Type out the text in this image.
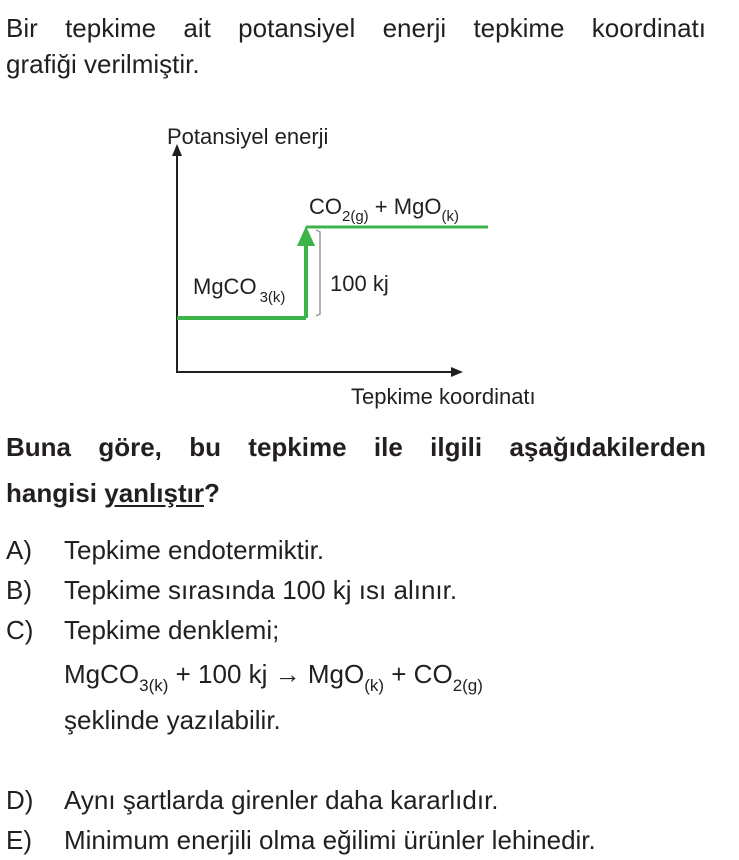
Bir tepkime ait potansiyel enerji tepkime koordinatı
grafiği verilmiştir.
Potansiyel enerji
Tepkime koordinatı
MgCO $_{3(k)}$
$CO_{2(g)} + MgO_{(k)}$
100 kj
Buna göre, bu tepkime ile ilgili aşağıdakilerden
hangisi yanlıştır?
A) Tepkime endotermiktir.
B) Tepkime sırasında 100 kj ısı alınır.
C) Tepkime denklemi;
MgCO$_{3(k)}$ + 100 kj → $MgO_{(k)} + CO_{2(g)}$
şeklinde yazılabilir.
D) Aynı şartlarda girenler daha kararlıdır.
E) Minimum enerjili olma eğilimi ürünler lehinedir.
